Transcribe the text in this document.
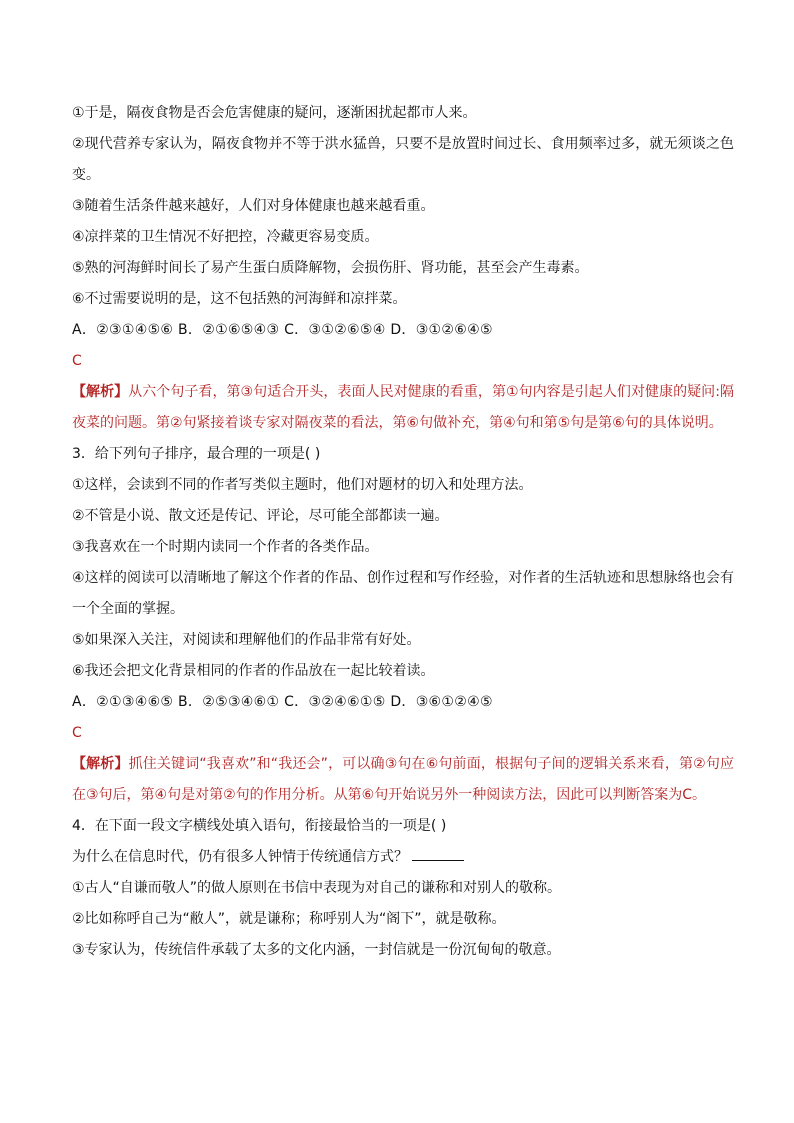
①于是，隔夜食物是否会危害健康的疑问，逐渐困扰起都市人来。

②现代营养专家认为，隔夜食物并不等于洪水猛兽，只要不是放置时间过长、食用频率过多，就无须谈之色变。

③随着生活条件越来越好，人们对身体健康也越来越看重。

④凉拌菜的卫生情况不好把控，冷藏更容易变质。

⑤熟的河海鲜时间长了易产生蛋白质降解物，会损伤肝、肾功能，甚至会产生毒素。

⑥不过需要说明的是，这不包括熟的河海鲜和凉拌菜。

A．②③①④⑤⑥ B．②①⑥⑤④③ C．③①②⑥⑤④ D．③①②⑥④⑤

C

【解析】从六个句子看，第③句适合开头，表面人民对健康的看重，第①句内容是引起人们对健康的疑问:隔夜菜的问题。第②句紧接着谈专家对隔夜菜的看法，第⑥句做补充，第④句和第⑤句是第⑥句的具体说明。

3．给下列句子排序，最合理的一项是( )

①这样，会读到不同的作者写类似主题时，他们对题材的切入和处理方法。

②不管是小说、散文还是传记、评论，尽可能全部都读一遍。

③我喜欢在一个时期内读同一个作者的各类作品。

④这样的阅读可以清晰地了解这个作者的作品、创作过程和写作经验，对作者的生活轨迹和思想脉络也会有一个全面的掌握。

⑤如果深入关注，对阅读和理解他们的作品非常有好处。

⑥我还会把文化背景相同的作者的作品放在一起比较着读。

A．②①③④⑥⑤ B．②⑤③④⑥① C．③②④⑥①⑤ D．③⑥①②④⑤

C

【解析】抓住关键词“我喜欢”和“我还会”，可以确③句在⑥句前面，根据句子间的逻辑关系来看，第②句应在③句后，第④句是对第②句的作用分析。从第⑥句开始说另外一种阅读方法，因此可以判断答案为C。

4．在下面一段文字横线处填入语句，衔接最恰当的一项是( )

为什么在信息时代，仍有很多人钟情于传统通信方式？

①古人“自谦而敬人”的做人原则在书信中表现为对自己的谦称和对别人的敬称。

②比如称呼自己为“敝人”，就是谦称；称呼别人为“阁下”，就是敬称。

③专家认为，传统信件承载了太多的文化内涵，一封信就是一份沉甸甸的敬意。
